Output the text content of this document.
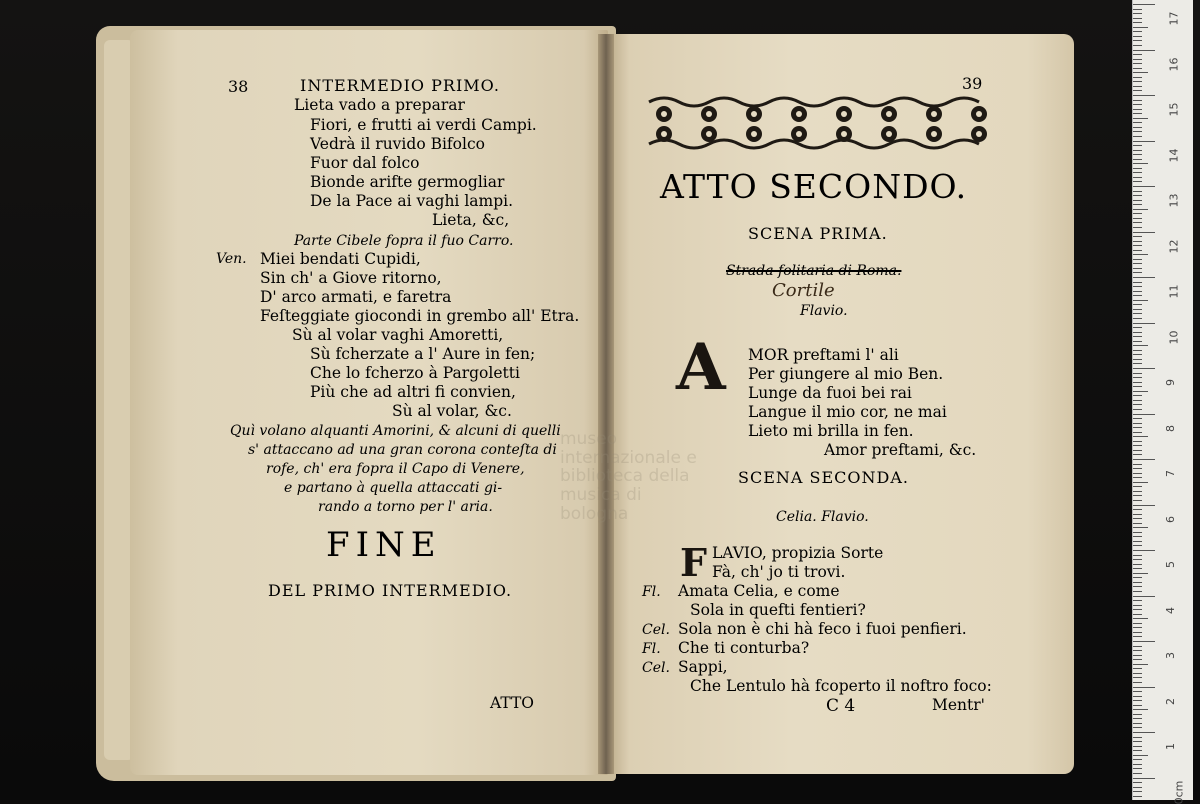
38	INTERMEDIO PRIMO.
Lieta vado a preparar
Fiori, e frutti ai verdi Campi.
Vedrà il ruvido Bifolco
Fuor dal folco
Bionde arifte germogliar
De la Pace ai vaghi lampi.
Lieta, &c,
Parte Cibele fopra il fuo Carro.
Ven. Miei bendati Cupidi,
Sin ch' a Giove ritorno,
D' arco armati, e faretra
Feſteggiate giocondi in grembo all' Etra.
Sù al volar vaghi Amoretti,
Sù fcherzate a l' Aure in fen;
Che lo fcherzo à Pargoletti
Più che ad altri fi convien,
Sù al volar, &c.
Quì volano alquanti Amorini, & alcuni di quelli
s' attaccano ad una gran corona conteſta di
rofe, ch' era fopra il Capo di Venere,
e partano à quella attaccati gi-
rando a torno per l' aria.
FINE
DEL PRIMO INTERMEDIO.
ATTO
39
ATTO SECONDO.
SCENA PRIMA.
Strada folitaria di Roma.
Cortile
Flavio.
A MOR preftami l' ali
Per giungere al mio Ben.
Lunge da fuoi bei rai
Langue il mio cor, ne mai
Lieto mi brilla in fen.
Amor preftami, &c.
SCENA SECONDA.
Celia. Flavio.
F LAVIO, propizia Sorte
Fà, ch' jo ti trovi.
Fl. Amata Celia, e come
Sola in quefti fentieri?
Cel. Sola non è chi hà feco i fuoi penfieri.
Fl. Che ti conturba?
Cel. Sappi,
Che Lentulo hà fcoperto il noftro foco:
C 4	Mentr'
museo internazionale e biblioteca della musica di bologna
17
16
15
14
13
12
11
10
9
8
7
6
5
4
3
2
1
0cm
